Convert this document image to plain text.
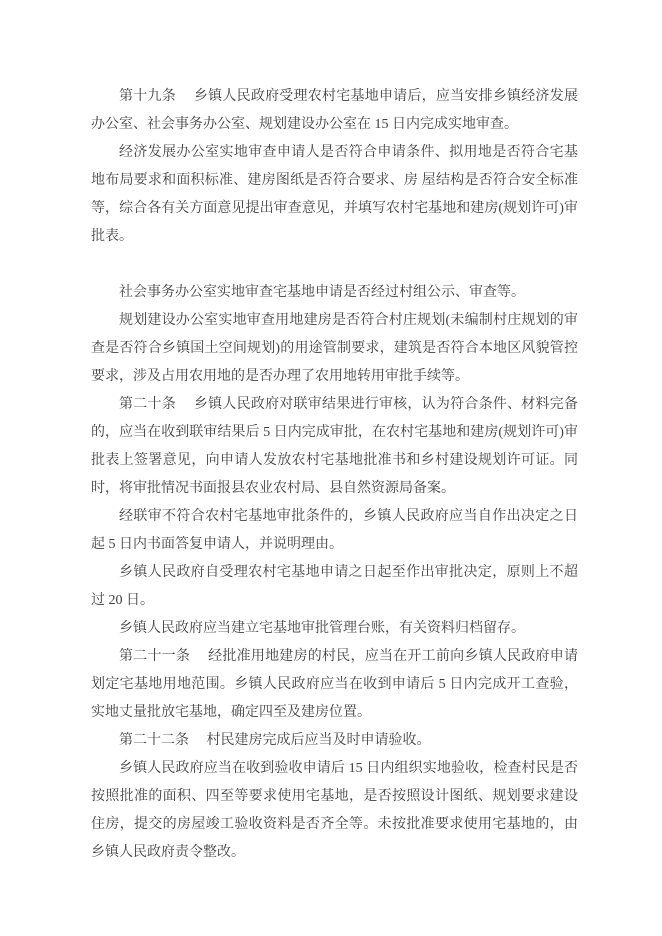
第十九条　 乡镇人民政府受理农村宅基地申请后，应当安排乡镇经济发展办公室、社会事务办公室、规划建设办公室在 15 日内完成实地审查。

经济发展办公室实地审查申请人是否符合申请条件、拟用地是否符合宅基地布局要求和面积标准、建房图纸是否符合要求、房 屋结构是否符合安全标准等，综合各有关方面意见提出审查意见，并填写农村宅基地和建房(规划许可)审批表。

社会事务办公室实地审查宅基地申请是否经过村组公示、审查等。

规划建设办公室实地审查用地建房是否符合村庄规划(未编制村庄规划的审查是否符合乡镇国土空间规划)的用途管制要求，建筑是否符合本地区风貌管控要求，涉及占用农用地的是否办理了农用地转用审批手续等。

第二十条　 乡镇人民政府对联审结果进行审核，认为符合条件、材料完备的，应当在收到联审结果后 5 日内完成审批，在农村宅基地和建房(规划许可)审批表上签署意见，向申请人发放农村宅基地批准书和乡村建设规划许可证。同时，将审批情况书面报县农业农村局、县自然资源局备案。

经联审不符合农村宅基地审批条件的，乡镇人民政府应当自作出决定之日起 5 日内书面答复申请人，并说明理由。

乡镇人民政府自受理农村宅基地申请之日起至作出审批决定，原则上不超过 20 日。

乡镇人民政府应当建立宅基地审批管理台账，有关资料归档留存。

第二十一条　 经批准用地建房的村民，应当在开工前向乡镇人民政府申请划定宅基地用地范围。乡镇人民政府应当在收到申请后 5 日内完成开工查验，实地丈量批放宅基地，确定四至及建房位置。

第二十二条　 村民建房完成后应当及时申请验收。

乡镇人民政府应当在收到验收申请后 15 日内组织实地验收，检查村民是否按照批准的面积、四至等要求使用宅基地，是否按照设计图纸、规划要求建设住房，提交的房屋竣工验收资料是否齐全等。未按批准要求使用宅基地的，由乡镇人民政府责令整改。
